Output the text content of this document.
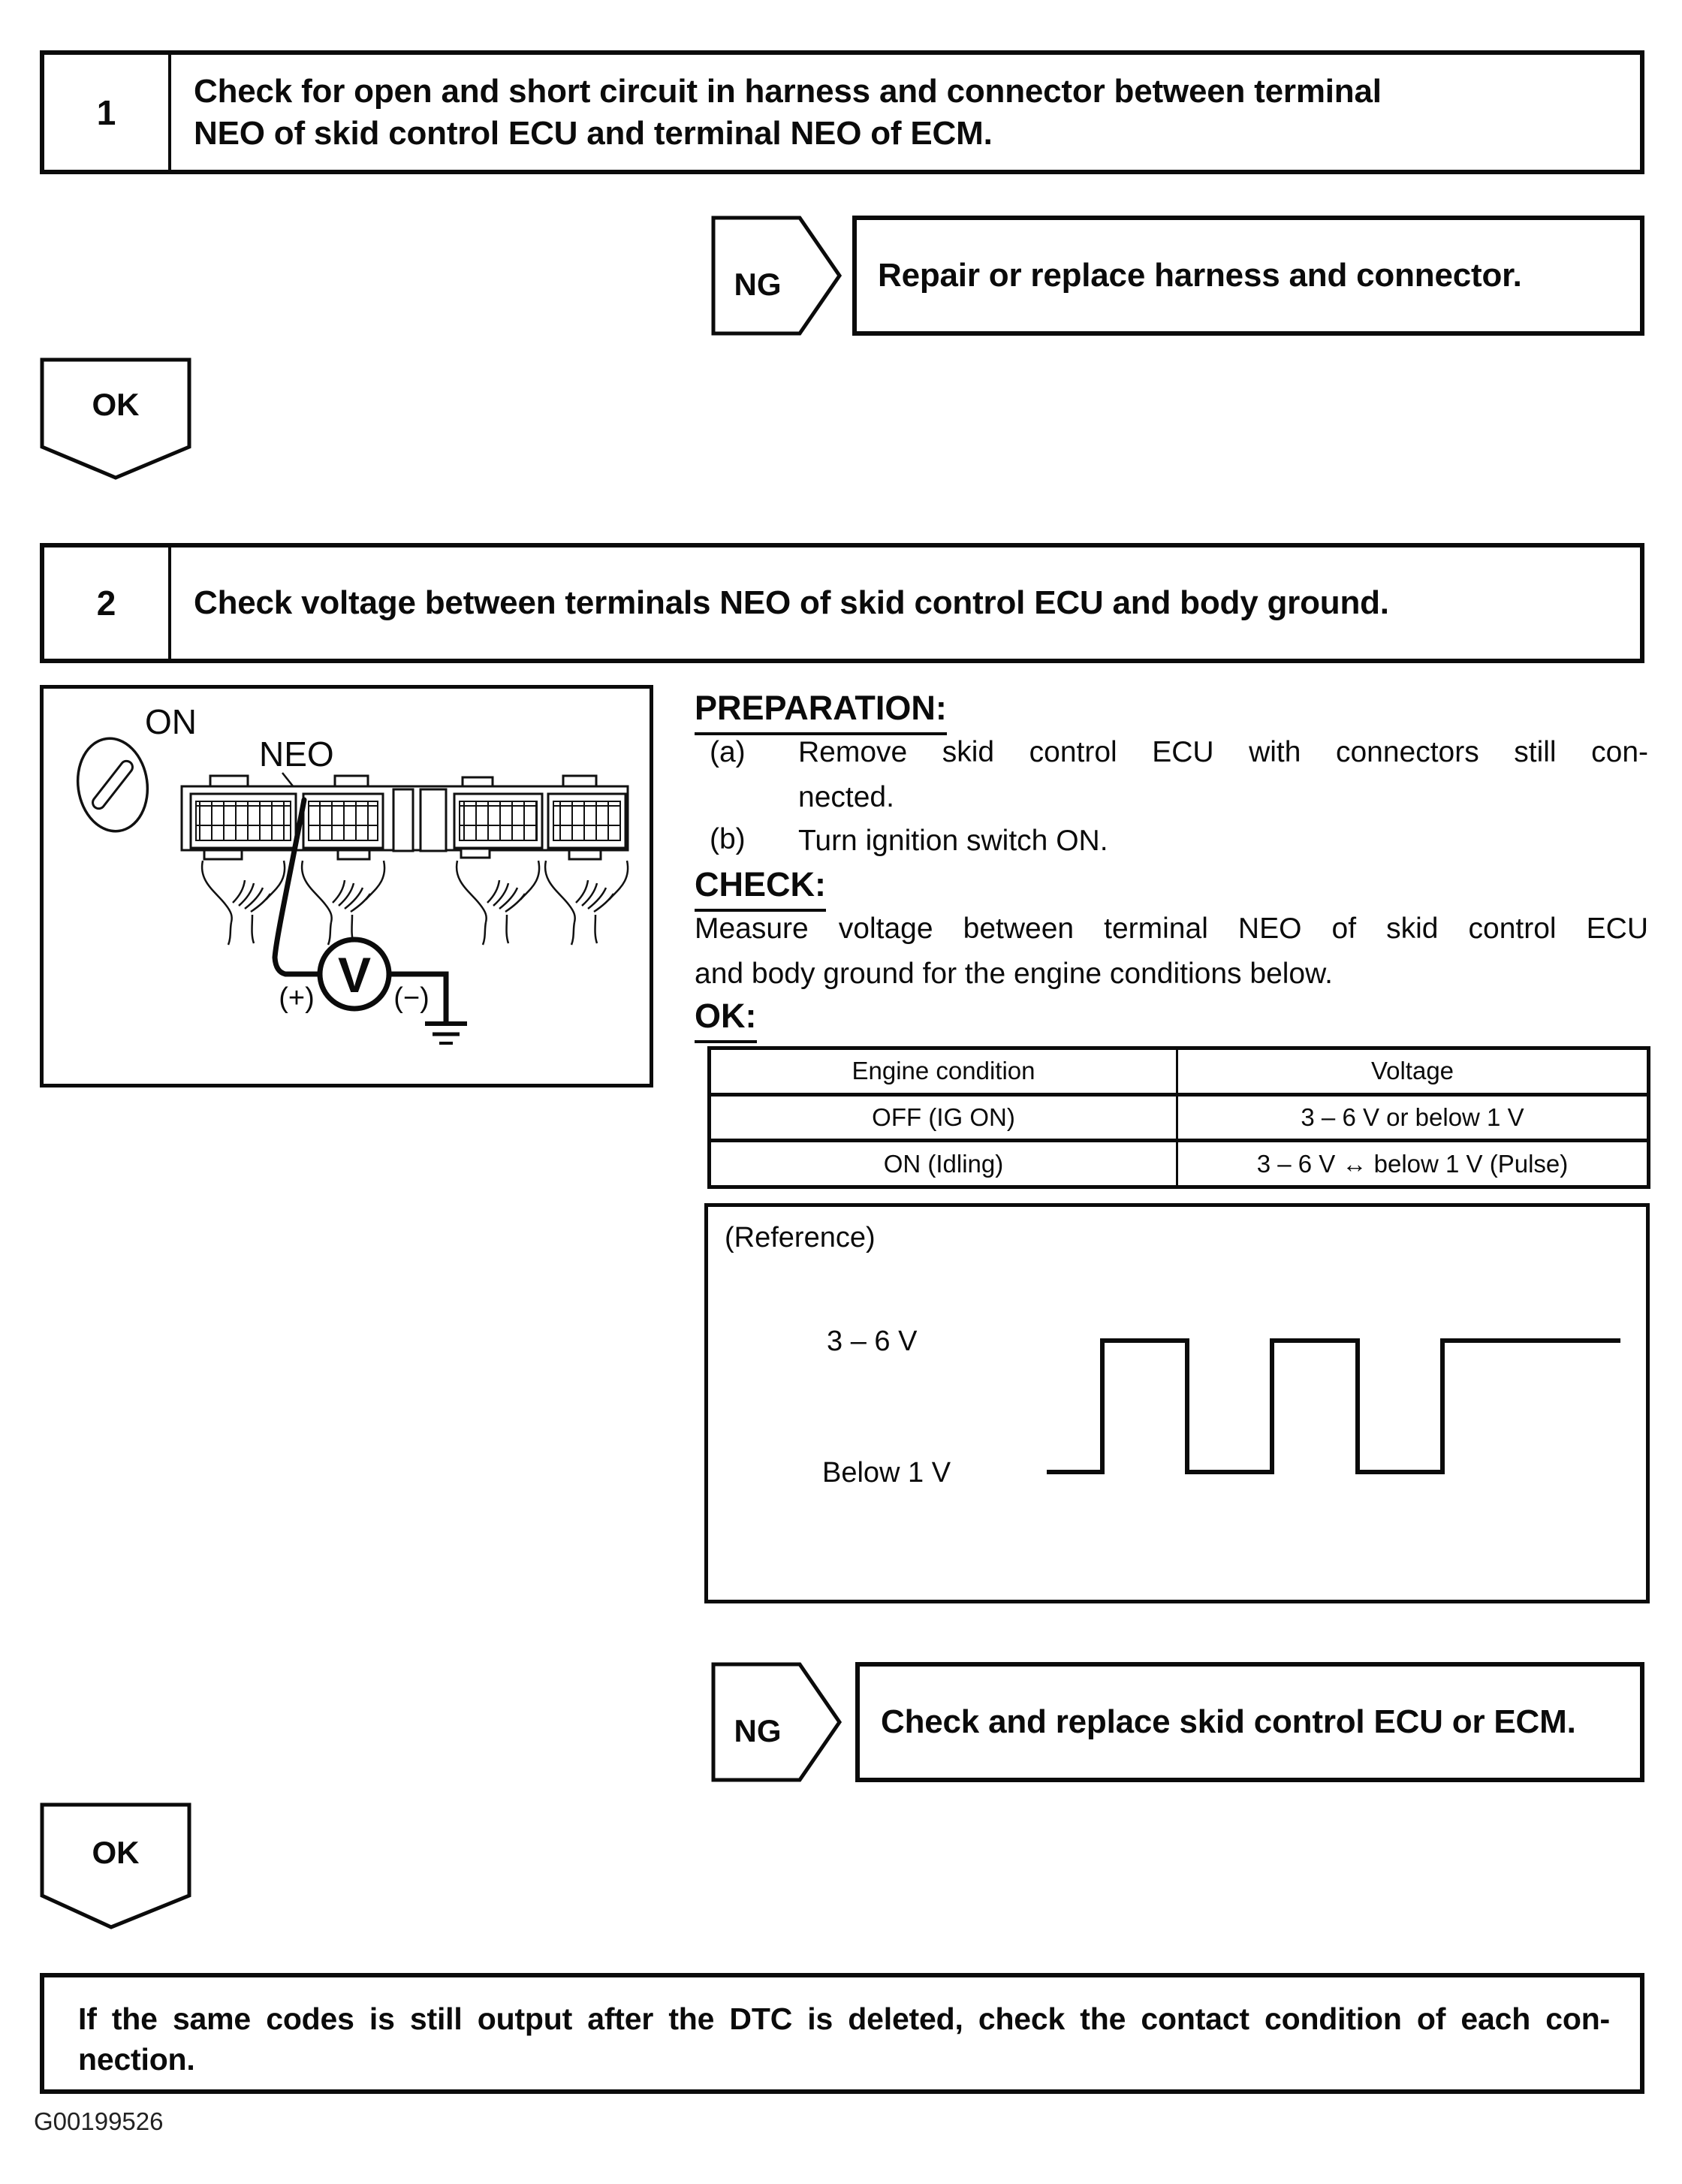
1
Check for open and short circuit in harness and connector between terminal
NEO of skid control ECU and terminal NEO of ECM.
NG	Repair or replace harness and connector.
OK
2	Check voltage between terminals NEO of skid control ECU and body ground.
ON
NEO
V
(+)	(−)
PREPARATION:
(a) Remove skid control ECU with connectors still con-
nected.
(b) Turn ignition switch ON.
CHECK:
Measure voltage between terminal NEO of skid control ECU
and body ground for the engine conditions below.
OK:
Engine condition	Voltage
OFF (IG ON)	3 – 6 V or below 1 V
ON (Idling)	3 – 6 V ↔ below 1 V (Pulse)
(Reference)
3 – 6 V
Below 1 V
NG	Check and replace skid control ECU or ECM.
OK
If the same codes is still output after the DTC is deleted, check the contact condition of each con-
nection.
G00199526
